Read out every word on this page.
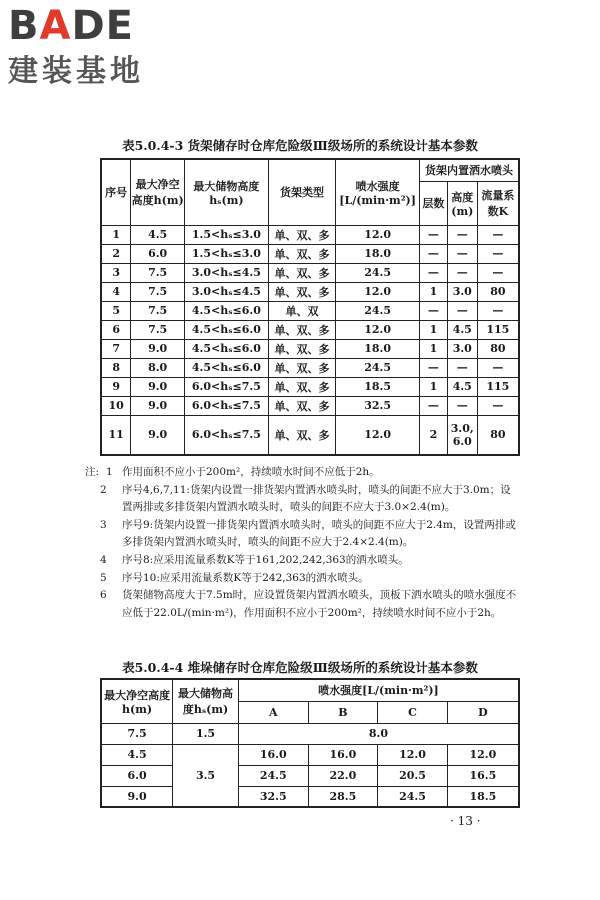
BADE
建装基地
表5.0.4-3 货架储存时仓库危险级Ⅲ级场所的系统设计基本参数
序号	最大净空高度h(m)	最大储物高度hₛ(m)	货架类型	喷水强度[L/(min·m²)]	货架内置洒水喷头		
					层数	高度(m)	流量系数K
1	4.5	1.5<hₛ≤3.0	单、双、多	12.0	—	—	—
2	6.0	1.5<hₛ≤3.0	单、双、多	18.0	—	—	—
3	7.5	3.0<hₛ≤4.5	单、双、多	24.5	—	—	—
4	7.5	3.0<hₛ≤4.5	单、双、多	12.0	1	3.0	80
5	7.5	4.5<hₛ≤6.0	单、双	24.5	—	—	—
6	7.5	4.5<hₛ≤6.0	单、双、多	12.0	1	4.5	115
7	9.0	4.5<hₛ≤6.0	单、双、多	18.0	1	3.0	80
8	8.0	4.5<hₛ≤6.0	单、双、多	24.5	—	—	—
9	9.0	6.0<hₛ≤7.5	单、双、多	18.5	1	4.5	115
10	9.0	6.0<hₛ≤7.5	单、双、多	32.5	—	—	—
11	9.0	6.0<hₛ≤7.5	单、双、多	12.0	2	3.0, 6.0	80
注: 1 作用面积不应小于200m²，持续喷水时间不应低于2h。
2 序号4,6,7,11:货架内设置一排货架内置洒水喷头时，喷头的间距不应大于3.0m；设置两排或多排货架内置洒水喷头时，喷头的间距不应大于3.0×2.4(m)。
3 序号9:货架内设置一排货架内置洒水喷头时，喷头的间距不应大于2.4m，设置两排或多排货架内置洒水喷头时，喷头的间距不应大于2.4×2.4(m)。
4 序号8:应采用流量系数K等于161,202,242,363的洒水喷头。
5 序号10:应采用流量系数K等于242,363的洒水喷头。
6 货架储物高度大于7.5m时，应设置货架内置洒水喷头，顶板下洒水喷头的喷水强度不应低于22.0L/(min·m²)，作用面积不应小于200m²，持续喷水时间不应小于2h。
表5.0.4-4 堆垛储存时仓库危险级Ⅲ级场所的系统设计基本参数
最大净空高度h(m)	最大储物高度hₛ(m)	喷水强度[L/(min·m²)]			
		A	B	C	D
7.5	1.5	8.0			
4.5	3.5	16.0	16.0	12.0	12.0
6.0		24.5	22.0	20.5	16.5
9.0		32.5	28.5	24.5	18.5
· 13 ·
